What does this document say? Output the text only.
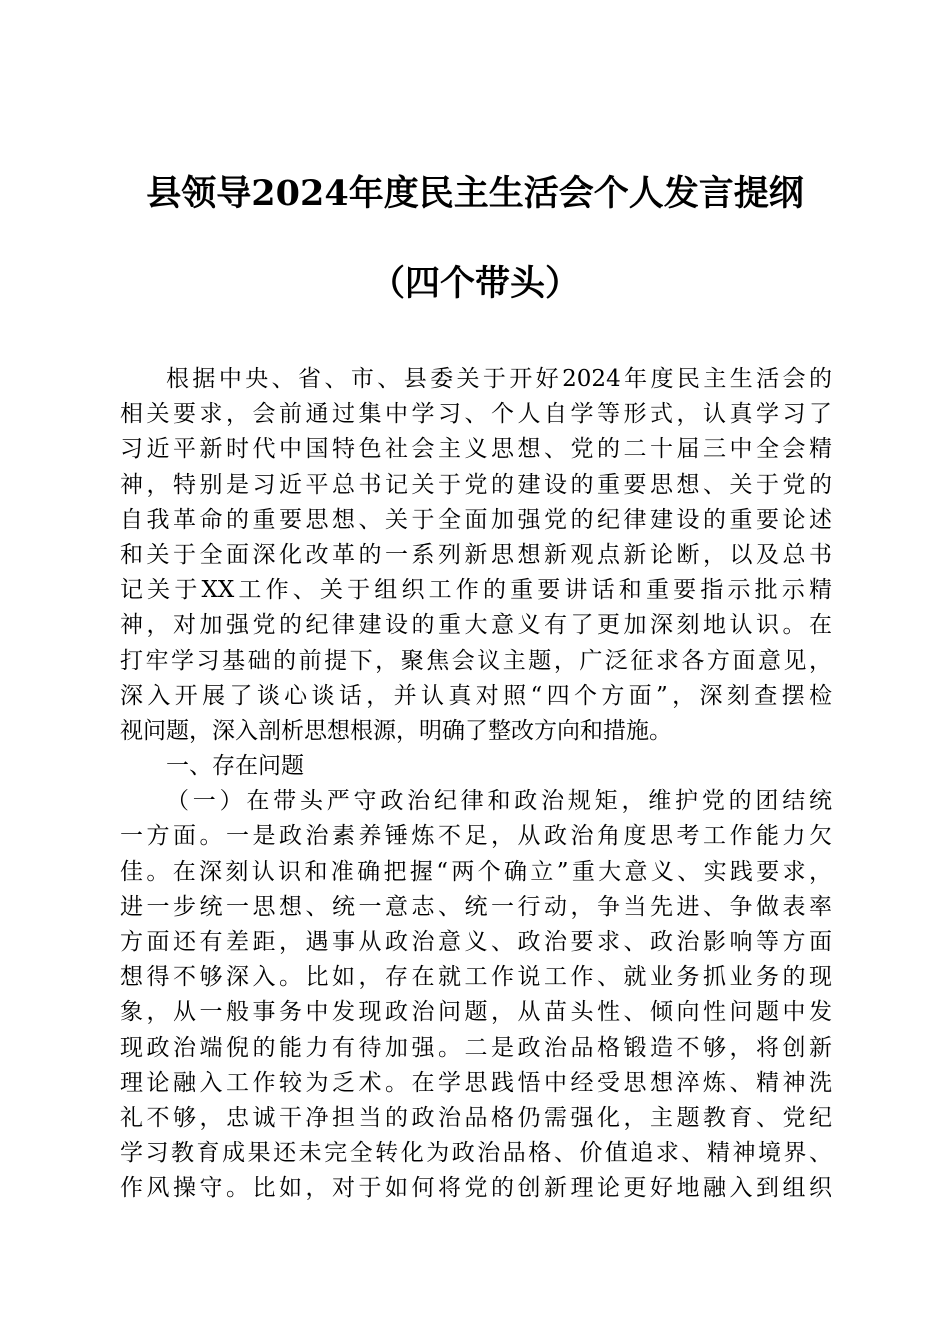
县领导2024年度民主生活会个人发言提纲
（四个带头）
根据中央、省、市、县委关于开好2024年度民主生活会的
相关要求，会前通过集中学习、个人自学等形式，认真学习了
习近平新时代中国特色社会主义思想、党的二十届三中全会精
神，特别是习近平总书记关于党的建设的重要思想、关于党的
自我革命的重要思想、关于全面加强党的纪律建设的重要论述
和关于全面深化改革的一系列新思想新观点新论断，以及总书
记关于XX工作、关于组织工作的重要讲话和重要指示批示精
神，对加强党的纪律建设的重大意义有了更加深刻地认识。在
打牢学习基础的前提下，聚焦会议主题，广泛征求各方面意见，
深入开展了谈心谈话，并认真对照“四个方面”，深刻查摆检
视问题，深入剖析思想根源，明确了整改方向和措施。
一、存在问题
（一）在带头严守政治纪律和政治规矩，维护党的团结统
一方面。一是政治素养锤炼不足，从政治角度思考工作能力欠
佳。在深刻认识和准确把握“两个确立”重大意义、实践要求，
进一步统一思想、统一意志、统一行动，争当先进、争做表率
方面还有差距，遇事从政治意义、政治要求、政治影响等方面
想得不够深入。比如，存在就工作说工作、就业务抓业务的现
象，从一般事务中发现政治问题，从苗头性、倾向性问题中发
现政治端倪的能力有待加强。二是政治品格锻造不够，将创新
理论融入工作较为乏术。在学思践悟中经受思想淬炼、精神洗
礼不够，忠诚干净担当的政治品格仍需强化，主题教育、党纪
学习教育成果还未完全转化为政治品格、价值追求、精神境界、
作风操守。比如，对于如何将党的创新理论更好地融入到组织
